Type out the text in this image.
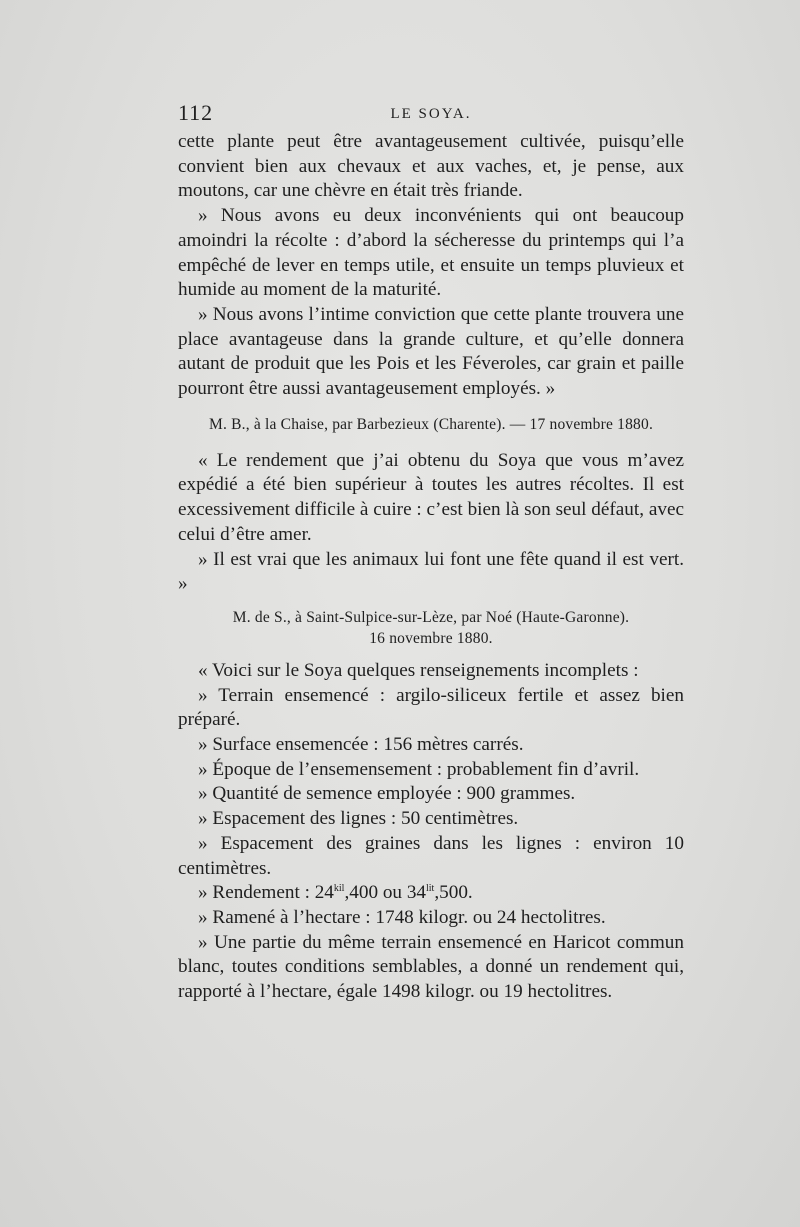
112	LE SOYA.

cette plante peut être avantageusement cultivée, puisqu’elle convient bien aux chevaux et aux vaches, et, je pense, aux moutons, car une chèvre en était très friande.

» Nous avons eu deux inconvénients qui ont beaucoup amoindri la récolte : d’abord la sécheresse du printemps qui l’a empêché de lever en temps utile, et ensuite un temps pluvieux et humide au moment de la maturité.

» Nous avons l’intime conviction que cette plante trouvera une place avantageuse dans la grande culture, et qu’elle donnera autant de produit que les Pois et les Féveroles, car grain et paille pourront être aussi avantageusement employés. »

M. B., à la Chaise, par Barbezieux (Charente). — 17 novembre 1880.

« Le rendement que j’ai obtenu du Soya que vous m’avez expédié a été bien supérieur à toutes les autres récoltes. Il est excessivement difficile à cuire : c’est bien là son seul défaut, avec celui d’être amer.

» Il est vrai que les animaux lui font une fête quand il est vert. »

M. de S., à Saint-Sulpice-sur-Lèze, par Noé (Haute-Garonne).
16 novembre 1880.

« Voici sur le Soya quelques renseignements incomplets :

» Terrain ensemencé : argilo-siliceux fertile et assez bien préparé.

» Surface ensemencée : 156 mètres carrés.

» Époque de l’ensemensement : probablement fin d’avril.

» Quantité de semence employée : 900 grammes.

» Espacement des lignes : 50 centimètres.

» Espacement des graines dans les lignes : environ 10 centimètres.

» Rendement : $24^{kil},400$ ou $34^{lit},500$.

» Ramené à l’hectare : 1748 kilogr. ou 24 hectolitres.

» Une partie du même terrain ensemencé en Haricot commun blanc, toutes conditions semblables, a donné un rendement qui, rapporté à l’hectare, égale 1498 kilogr. ou 19 hectolitres.
